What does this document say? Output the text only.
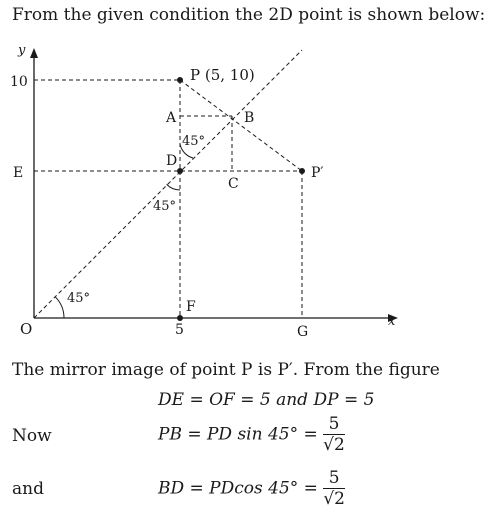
From the given condition the 2D point is shown below:
y
x
O
10
5
E
P (5, 10)
A	B
D
C
P′
F
G
45°
45°
45°
The mirror image of point P is P′. From the figure
DE = OF = 5 and DP = 5
Now	PB = PD $\sin 45^\circ = \frac{5}{√2}$
and	BD = PDcos $45^\circ = \frac{5}{√2}$
